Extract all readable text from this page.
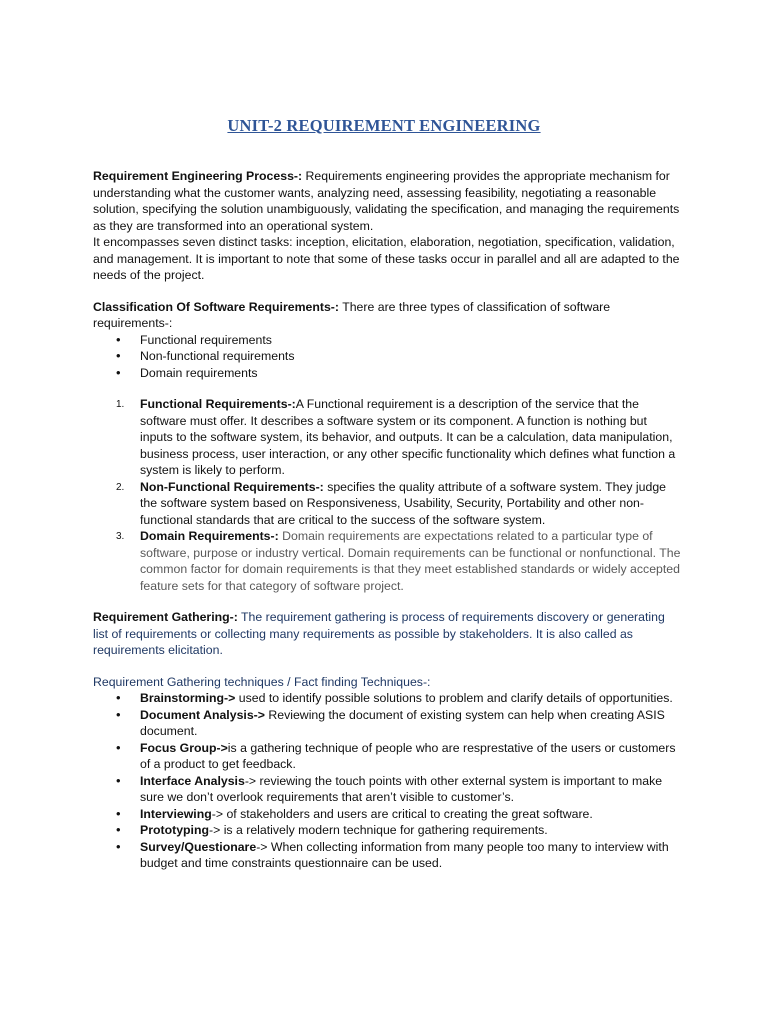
UNIT-2 REQUIREMENT ENGINEERING

Requirement Engineering Process-: Requirements engineering provides the appropriate mechanism for understanding what the customer wants, analyzing need, assessing feasibility, negotiating a reasonable solution, specifying the solution unambiguously, validating the specification, and managing the requirements as they are transformed into an operational system.

It encompasses seven distinct tasks: inception, elicitation, elaboration, negotiation, specification, validation, and management. It is important to note that some of these tasks occur in parallel and all are adapted to the needs of the project.

Classification Of Software Requirements-: There are three types of classification of software requirements-:

• Functional requirements
• Non-functional requirements
• Domain requirements
1. Functional Requirements-:A Functional requirement is a description of the service that the software must offer. It describes a software system or its component. A function is nothing but inputs to the software system, its behavior, and outputs. It can be a calculation, data manipulation, business process, user interaction, or any other specific functionality which defines what function a system is likely to perform.
2. Non-Functional Requirements-: specifies the quality attribute of a software system. They judge the software system based on Responsiveness, Usability, Security, Portability and other non-functional standards that are critical to the success of the software system.
3. Domain Requirements-: Domain requirements are expectations related to a particular type of software, purpose or industry vertical. Domain requirements can be functional or nonfunctional. The common factor for domain requirements is that they meet established standards or widely accepted feature sets for that category of software project.

Requirement Gathering-: The requirement gathering is process of requirements discovery or generating list of requirements or collecting many requirements as possible by stakeholders. It is also called as requirements elicitation.

Requirement Gathering techniques / Fact finding Techniques-:

• Brainstorming-> used to identify possible solutions to problem and clarify details of opportunities.
• Document Analysis-> Reviewing the document of existing system can help when creating ASIS document.
• Focus Group->is a gathering technique of people who are resprestative of the users or customers of a product to get feedback.
• Interface Analysis-> reviewing the touch points with other external system is important to make sure we don’t overlook requirements that aren’t visible to customer’s.
• Interviewing-> of stakeholders and users are critical to creating the great software.
• Prototyping-> is a relatively modern technique for gathering requirements.
• Survey/Questionare-> When collecting information from many people too many to interview with budget and time constraints questionnaire can be used.
